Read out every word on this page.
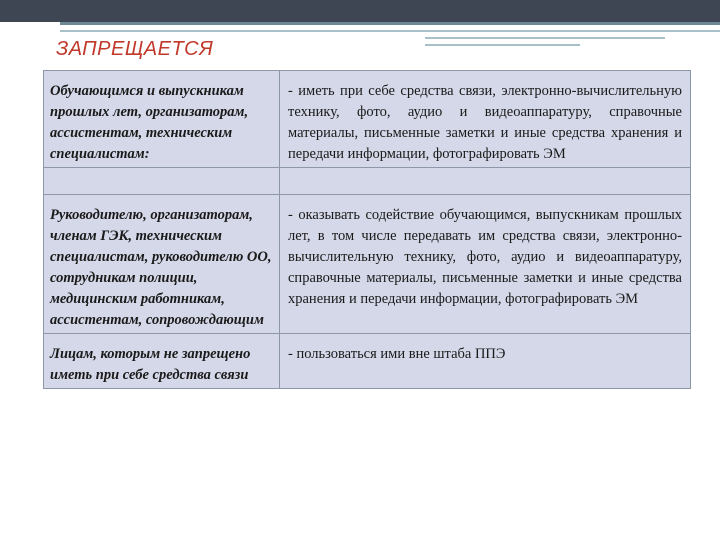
ЗАПРЕЩАЕТСЯ
Обучающимся и выпускникам прошлых лет, организаторам, ассистентам, техническим специалистам:	- иметь при себе средства связи, электронно-вычислительную технику, фото, аудио и видеоаппаратуру, справочные материалы, письменные заметки и иные средства хранения и передачи информации, фотографировать ЭМ

Руководителю, организаторам, членам ГЭК, техническим специалистам, руководителю ОО, сотрудникам полиции, медицинским работникам, ассистентам, сопровождающим	- оказывать содействие обучающимся, выпускникам прошлых лет, в том числе передавать им средства связи, электронно-вычислительную технику, фото, аудио и видеоаппаратуру, справочные материалы, письменные заметки и иные средства хранения и передачи информации, фотографировать ЭМ
Лицам, которым не запрещено иметь при себе средства связи	- пользоваться ими вне штаба ППЭ
